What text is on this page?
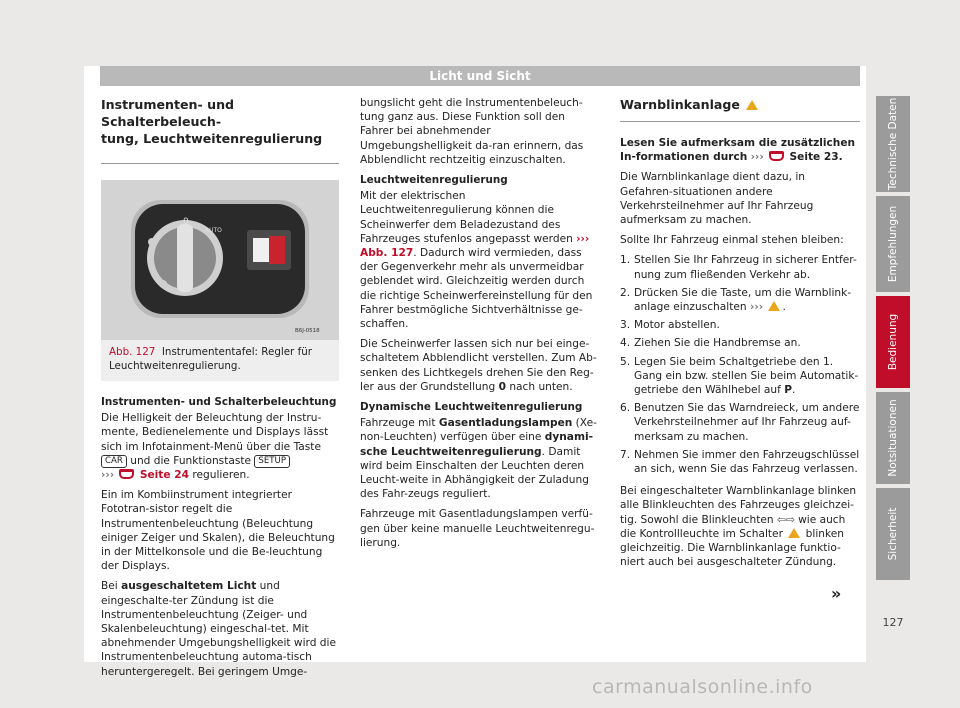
Licht und Sicht
Instrumenten- und Schalterbeleuch-
tung, Leuchtweitenregulierung
0
AUTO
B6J-0518
Abb. 127 Instrumententafel: Regler für Leuchtweitenregulierung.
Instrumenten- und Schalterbeleuchtung

Die Helligkeit der Beleuchtung der Instru-mente, Bedienelemente und Displays lässt sich im Infotainment-Menü über die Taste CAR und die Funktionstaste SETUP
››› Seite 24 regulieren.

Ein im Kombiinstrument integrierter Fototran-sistor regelt die Instrumentenbeleuchtung (Beleuchtung einiger Zeiger und Skalen), die Beleuchtung in der Mittelkonsole und die Be-leuchtung der Displays.

Bei ausgeschaltetem Licht und eingeschalte-ter Zündung ist die Instrumentenbeleuchtung (Zeiger- und Skalenbeleuchtung) eingeschal-tet. Mit abnehmender Umgebungshelligkeit wird die Instrumentenbeleuchtung automa-tisch heruntergeregelt. Bei geringem Umge-

bungslicht geht die Instrumentenbeleuch-tung ganz aus. Diese Funktion soll den Fahrer bei abnehmender Umgebungshelligkeit da-ran erinnern, das Abblendlicht rechtzeitig einzuschalten.

Leuchtweitenregulierung

Mit der elektrischen Leuchtweitenregulierung können die Scheinwerfer dem Beladezustand des Fahrzeuges stufenlos angepasst werden ››› Abb. 127. Dadurch wird vermieden, dass der Gegenverkehr mehr als unvermeidbar geblendet wird. Gleichzeitig werden durch die richtige Scheinwerfereinstellung für den Fahrer bestmögliche Sichtverhältnisse ge-schaffen.

Die Scheinwerfer lassen sich nur bei einge-schaltetem Abblendlicht verstellen. Zum Ab-senken des Lichtkegels drehen Sie den Reg-ler aus der Grundstellung 0 nach unten.

Dynamische Leuchtweitenregulierung

Fahrzeuge mit Gasentladungslampen (Xe-non-Leuchten) verfügen über eine dynami-sche Leuchtweitenregulierung. Damit wird beim Einschalten der Leuchten deren Leucht-weite in Abhängigkeit der Zuladung des Fahr-zeugs reguliert.

Fahrzeuge mit Gasentladungslampen verfü-gen über keine manuelle Leuchtweitenregu-lierung.

Warnblinkanlage

Lesen Sie aufmerksam die zusätzlichen In-formationen durch ››› Seite 23.

Die Warnblinkanlage dient dazu, in Gefahren-situationen andere Verkehrsteilnehmer auf Ihr Fahrzeug aufmerksam zu machen.

Sollte Ihr Fahrzeug einmal stehen bleiben:

1. Stellen Sie Ihr Fahrzeug in sicherer Entfer-nung zum fließenden Verkehr ab.
2. Drücken Sie die Taste, um die Warnblink-anlage einzuschalten ››› .
3. Motor abstellen.
4. Ziehen Sie die Handbremse an.
5. Legen Sie beim Schaltgetriebe den 1. Gang ein bzw. stellen Sie beim Automatik-getriebe den Wählhebel auf P.
6. Benutzen Sie das Warndreieck, um andere Verkehrsteilnehmer auf Ihr Fahrzeug auf-merksam zu machen.
7. Nehmen Sie immer den Fahrzeugschlüssel an sich, wenn Sie das Fahrzeug verlassen.

Bei eingeschalteter Warnblinkanlage blinken alle Blinkleuchten des Fahrzeuges gleichzei-tig. Sowohl die Blinkleuchten ⇦⇨ wie auch die Kontrollleuchte im Schalter blinken gleichzeitig. Die Warnblinkanlage funktio-niert auch bei ausgeschalteter Zündung.

»
Technische Daten
Empfehlungen
Bedienung
Notsituationen
Sicherheit
127
carmanualsonline.info
